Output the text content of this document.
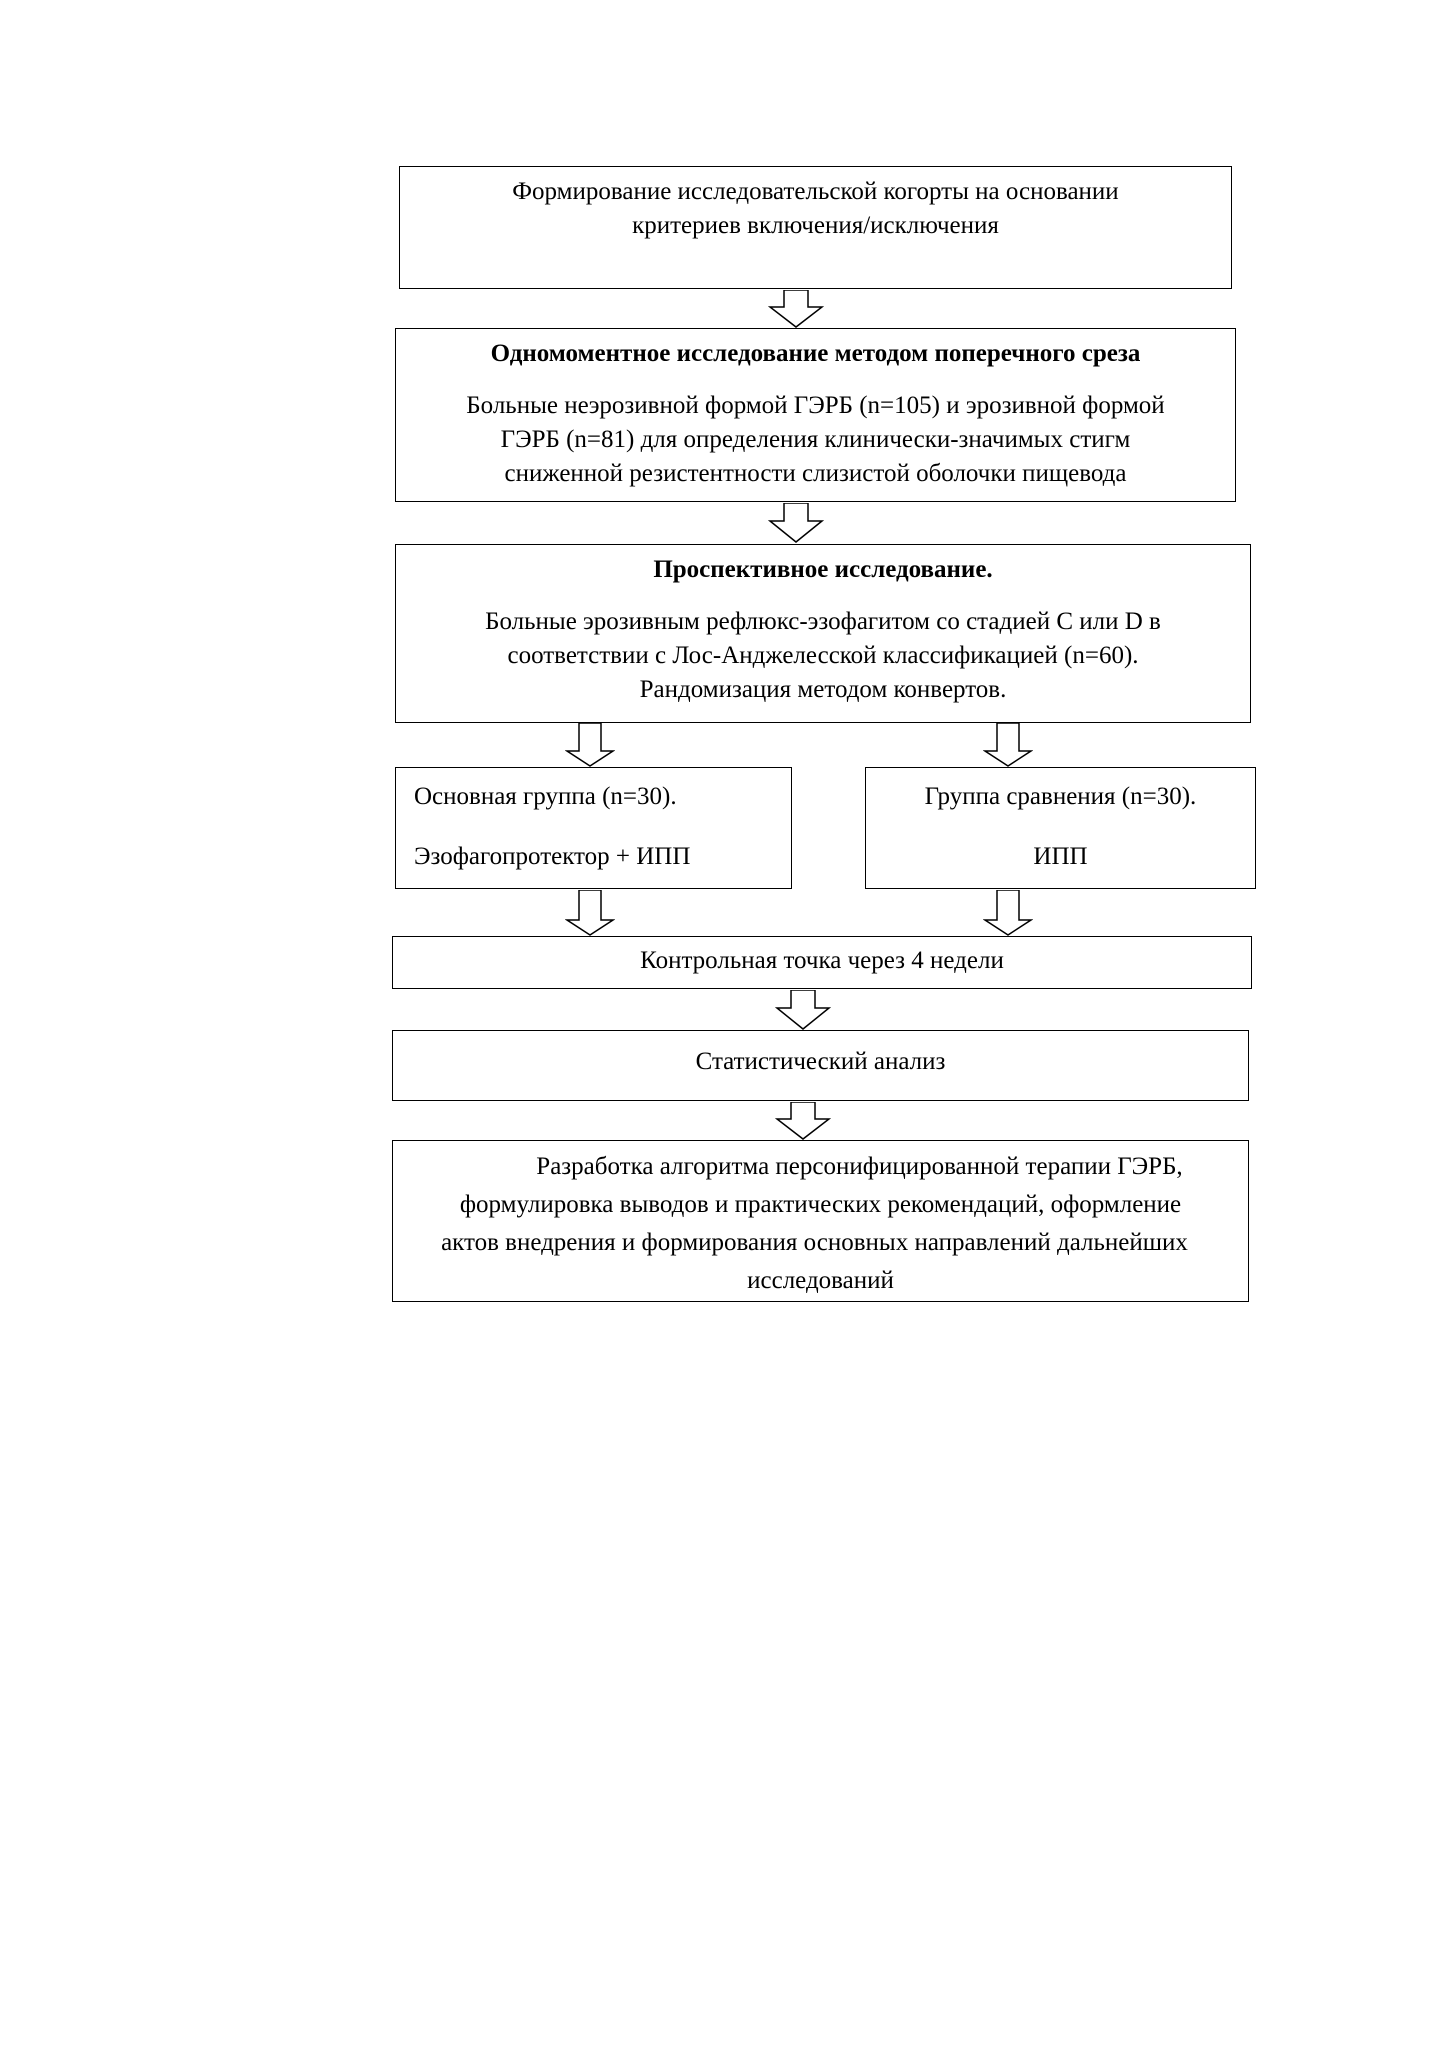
Формирование исследовательской когорты на основании
критериев включения/исключения
Одномоментное исследование методом поперечного среза
Больные неэрозивной формой ГЭРБ (n=105) и эрозивной формой
ГЭРБ (n=81) для определения клинически-значимых стигм
сниженной резистентности слизистой оболочки пищевода
Проспективное исследование.
Больные эрозивным рефлюкс-эзофагитом со стадией C или D в
соответствии с Лос-Анджелесской классификацией (n=60).
Рандомизация методом конвертов.
Основная группа (n=30).
Эзофагопротектор + ИПП
Группа сравнения (n=30).
ИПП
Контрольная точка через 4 недели
Статистический анализ
Разработка алгоритма персонифицированной терапии ГЭРБ,
формулировка выводов и практических рекомендаций, оформление
актов внедрения и формирования основных направлений дальнейших
исследований
